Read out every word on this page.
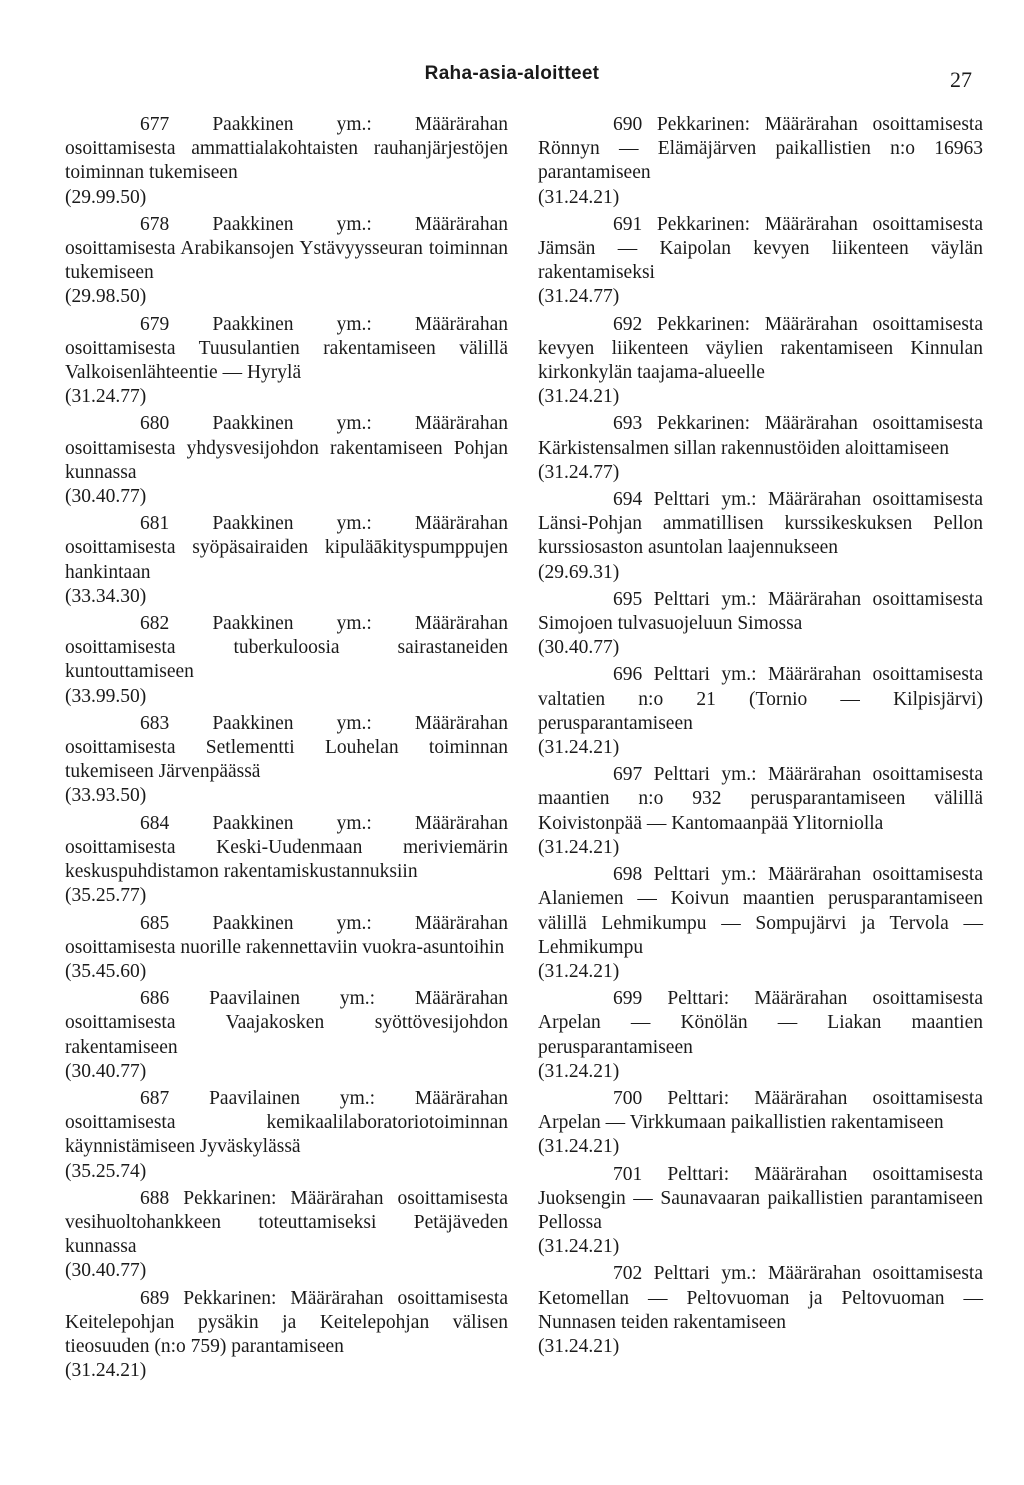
Raha-asia-aloitteet	27

677 Paakkinen ym.: Määrärahan osoittamisesta ammattialakohtaisten rauhanjärjestöjen toiminnan tukemiseen

(29.99.50)

678 Paakkinen ym.: Määrärahan osoittamisesta Arabikansojen Ystävyysseuran toiminnan tukemiseen

(29.98.50)

679 Paakkinen ym.: Määrärahan osoittamisesta Tuusulantien rakentamiseen välillä Valkoisenlähteentie — Hyrylä

(31.24.77)

680 Paakkinen ym.: Määrärahan osoittamisesta yhdysvesijohdon rakentamiseen Pohjan kunnassa

(30.40.77)

681 Paakkinen ym.: Määrärahan osoittamisesta syöpäsairaiden kipuläākityspumppujen hankintaan

(33.34.30)

682 Paakkinen ym.: Määrärahan osoittamisesta tuberkuloosia sairastaneiden kuntouttamiseen

(33.99.50)

683 Paakkinen ym.: Määrärahan osoittamisesta Setlementti Louhelan toiminnan tukemiseen Järvenpäässä

(33.93.50)

684 Paakkinen ym.: Määrärahan osoittamisesta Keski-Uudenmaan meriviemärin keskuspuhdistamon rakentamiskustannuksiin

(35.25.77)

685 Paakkinen ym.: Määrärahan osoittamisesta nuorille rakennettaviin vuokra-asuntoihin

(35.45.60)

686 Paavilainen ym.: Määrärahan osoittamisesta Vaajakosken syöttövesijohdon rakentamiseen

(30.40.77)

687 Paavilainen ym.: Määrärahan osoittamisesta kemikaalilaboratoriotoiminnan käynnistämiseen Jyväskylässä

(35.25.74)

688 Pekkarinen: Määrärahan osoittamisesta vesihuoltohankkeen toteuttamiseksi Petäjäveden kunnassa

(30.40.77)

689 Pekkarinen: Määrärahan osoittamisesta Keitelepohjan pysäkin ja Keitelepohjan välisen tieosuuden (n:o 759) parantamiseen

(31.24.21)

690 Pekkarinen: Määrärahan osoittamisesta Rönnyn — Elämäjärven paikallistien n:o 16963 parantamiseen

(31.24.21)

691 Pekkarinen: Määrärahan osoittamisesta Jämsän — Kaipolan kevyen liikenteen väylän rakentamiseksi

(31.24.77)

692 Pekkarinen: Määrärahan osoittamisesta kevyen liikenteen väylien rakentamiseen Kinnulan kirkonkylän taajama-alueelle

(31.24.21)

693 Pekkarinen: Määrärahan osoittamisesta Kärkistensalmen sillan rakennustöiden aloittamiseen

(31.24.77)

694 Pelttari ym.: Määrärahan osoittamisesta Länsi-Pohjan ammatillisen kurssikeskuksen Pellon kurssiosaston asuntolan laajennukseen

(29.69.31)

695 Pelttari ym.: Määrärahan osoittamisesta Simojoen tulvasuojeluun Simossa

(30.40.77)

696 Pelttari ym.: Määrärahan osoittamisesta valtatien n:o 21 (Tornio — Kilpisjärvi) perusparantamiseen

(31.24.21)

697 Pelttari ym.: Määrärahan osoittamisesta maantien n:o 932 perusparantamiseen välillä Koivistonpää — Kantomaanpää Ylitorniolla

(31.24.21)

698 Pelttari ym.: Määrärahan osoittamisesta Alaniemen — Koivun maantien perusparantamiseen välillä Lehmikumpu — Sompujärvi ja Tervola — Lehmikumpu

(31.24.21)

699 Pelttari: Määrärahan osoittamisesta Arpelan — Könölän — Liakan maantien perusparantamiseen

(31.24.21)

700 Pelttari: Määrärahan osoittamisesta Arpelan — Virkkumaan paikallistien rakentamiseen

(31.24.21)

701 Pelttari: Määrärahan osoittamisesta Juoksengin — Saunavaaran paikallistien parantamiseen Pellossa

(31.24.21)

702 Pelttari ym.: Määrärahan osoittamisesta Ketomellan — Peltovuoman ja Peltovuoman — Nunnasen teiden rakentamiseen

(31.24.21)
